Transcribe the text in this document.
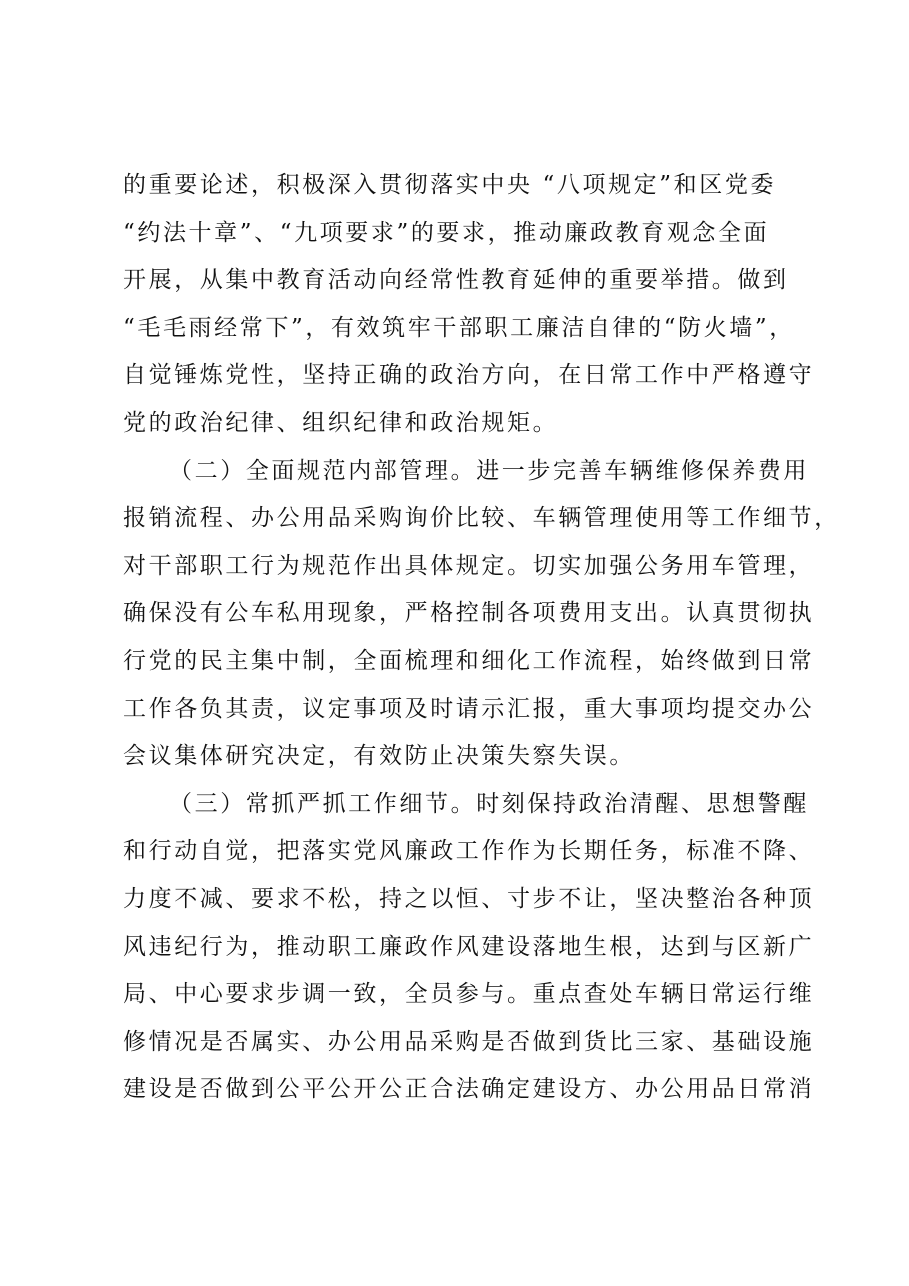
的重要论述，积极深入贯彻落实中央 “八项规定”和区党委
“约法十章”、“九项要求”的要求，推动廉政教育观念全面
开展，从集中教育活动向经常性教育延伸的重要举措。做到
“毛毛雨经常下”，有效筑牢干部职工廉洁自律的“防火墙”，
自觉锤炼党性，坚持正确的政治方向，在日常工作中严格遵守
党的政治纪律、组织纪律和政治规矩。
（二）全面规范内部管理。进一步完善车辆维修保养费用
报销流程、办公用品采购询价比较、车辆管理使用等工作细节，
对干部职工行为规范作出具体规定。切实加强公务用车管理，
确保没有公车私用现象，严格控制各项费用支出。认真贯彻执
行党的民主集中制，全面梳理和细化工作流程，始终做到日常
工作各负其责，议定事项及时请示汇报，重大事项均提交办公
会议集体研究决定，有效防止决策失察失误。
（三）常抓严抓工作细节。时刻保持政治清醒、思想警醒
和行动自觉，把落实党风廉政工作作为长期任务，标准不降、
力度不减、要求不松，持之以恒、寸步不让，坚决整治各种顶
风违纪行为，推动职工廉政作风建设落地生根，达到与区新广
局、中心要求步调一致，全员参与。重点查处车辆日常运行维
修情况是否属实、办公用品采购是否做到货比三家、基础设施
建设是否做到公平公开公正合法确定建设方、办公用品日常消
